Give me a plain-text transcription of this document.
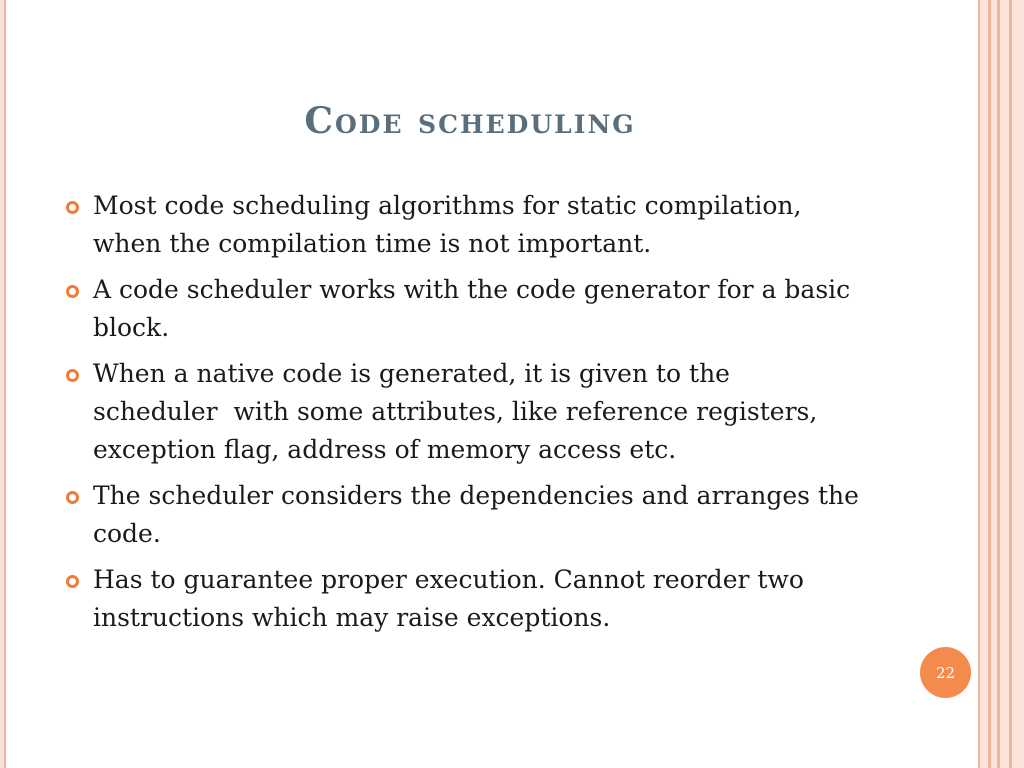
Code scheduling
Most code scheduling algorithms for static compilation, when the compilation time is not important.
A code scheduler works with the code generator for a basic block.
When a native code is generated, it is given to the scheduler  with some attributes, like reference registers, exception flag, address of memory access etc.
The scheduler considers the dependencies and arranges the code.
Has to guarantee proper execution. Cannot reorder two instructions which may raise exceptions.
22
